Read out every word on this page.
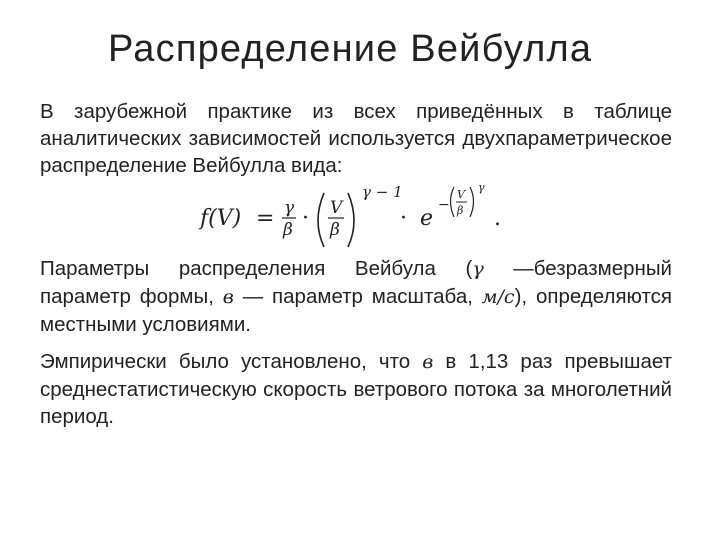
Распределение Вейбулла

В зарубежной практике из всех приведённых в таблице аналитических зависимостей используется двухпараметрическое распределение Вейбулла вида:

f(V) = γ
β · V
β
γ − 1
· e
−
V
β
γ
.

Параметры распределения Вейбула (γ —безразмерный параметр формы, в — параметр масштаба, м/с), определяются местными условиями.

Эмпирически было установлено, что в в 1,13 раз превышает среднестатистическую скорость ветрового потока за многолетний период.
